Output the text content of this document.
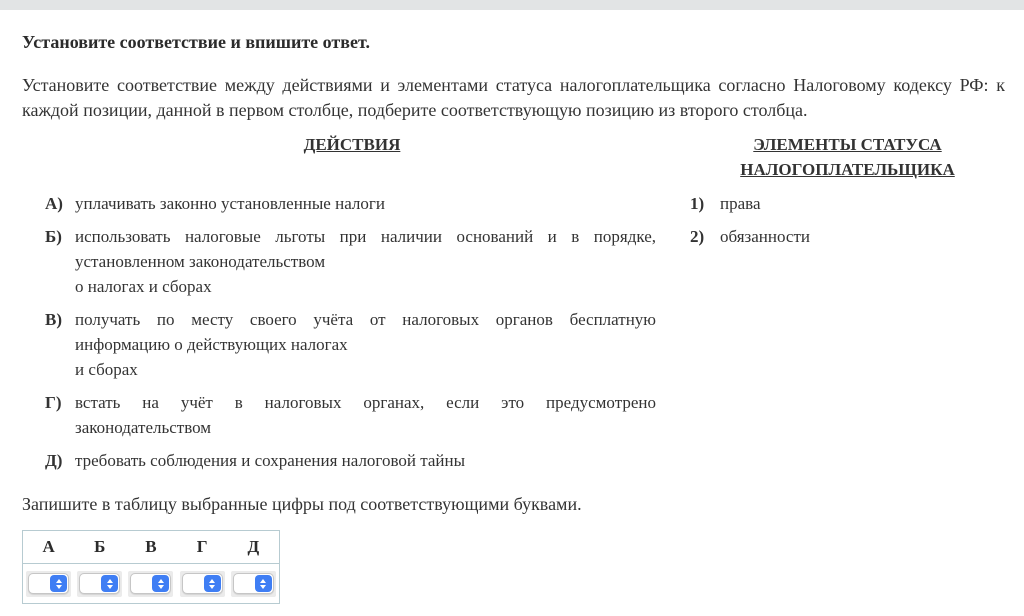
Установите соответствие и впишите ответ.
Установите соответствие между действиями и элементами статуса налогоплательщика согласно Налоговому кодексу РФ: к каждой позиции, данной в первом столбце, подберите соответствующую позицию из второго столбца.
ДЕЙСТВИЯ
А) уплачивать законно установленные налоги
Б) использовать налоговые льготы при наличии оснований и в порядке,
установленном законодательством
о налогах и сборах
В) получать по месту своего учёта от налоговых органов бесплатную
информацию о действующих налогах
и сборах
Г) встать на учёт в налоговых органах, если это предусмотрено
законодательством
Д) требовать соблюдения и сохранения налоговой тайны
ЭЛЕМЕНТЫ СТАТУСА
НАЛОГОПЛАТЕЛЬЩИКА
1) права
2) обязанности
Запишите в таблицу выбранные цифры под соответствующими буквами.
А	Б	В	Г	Д
